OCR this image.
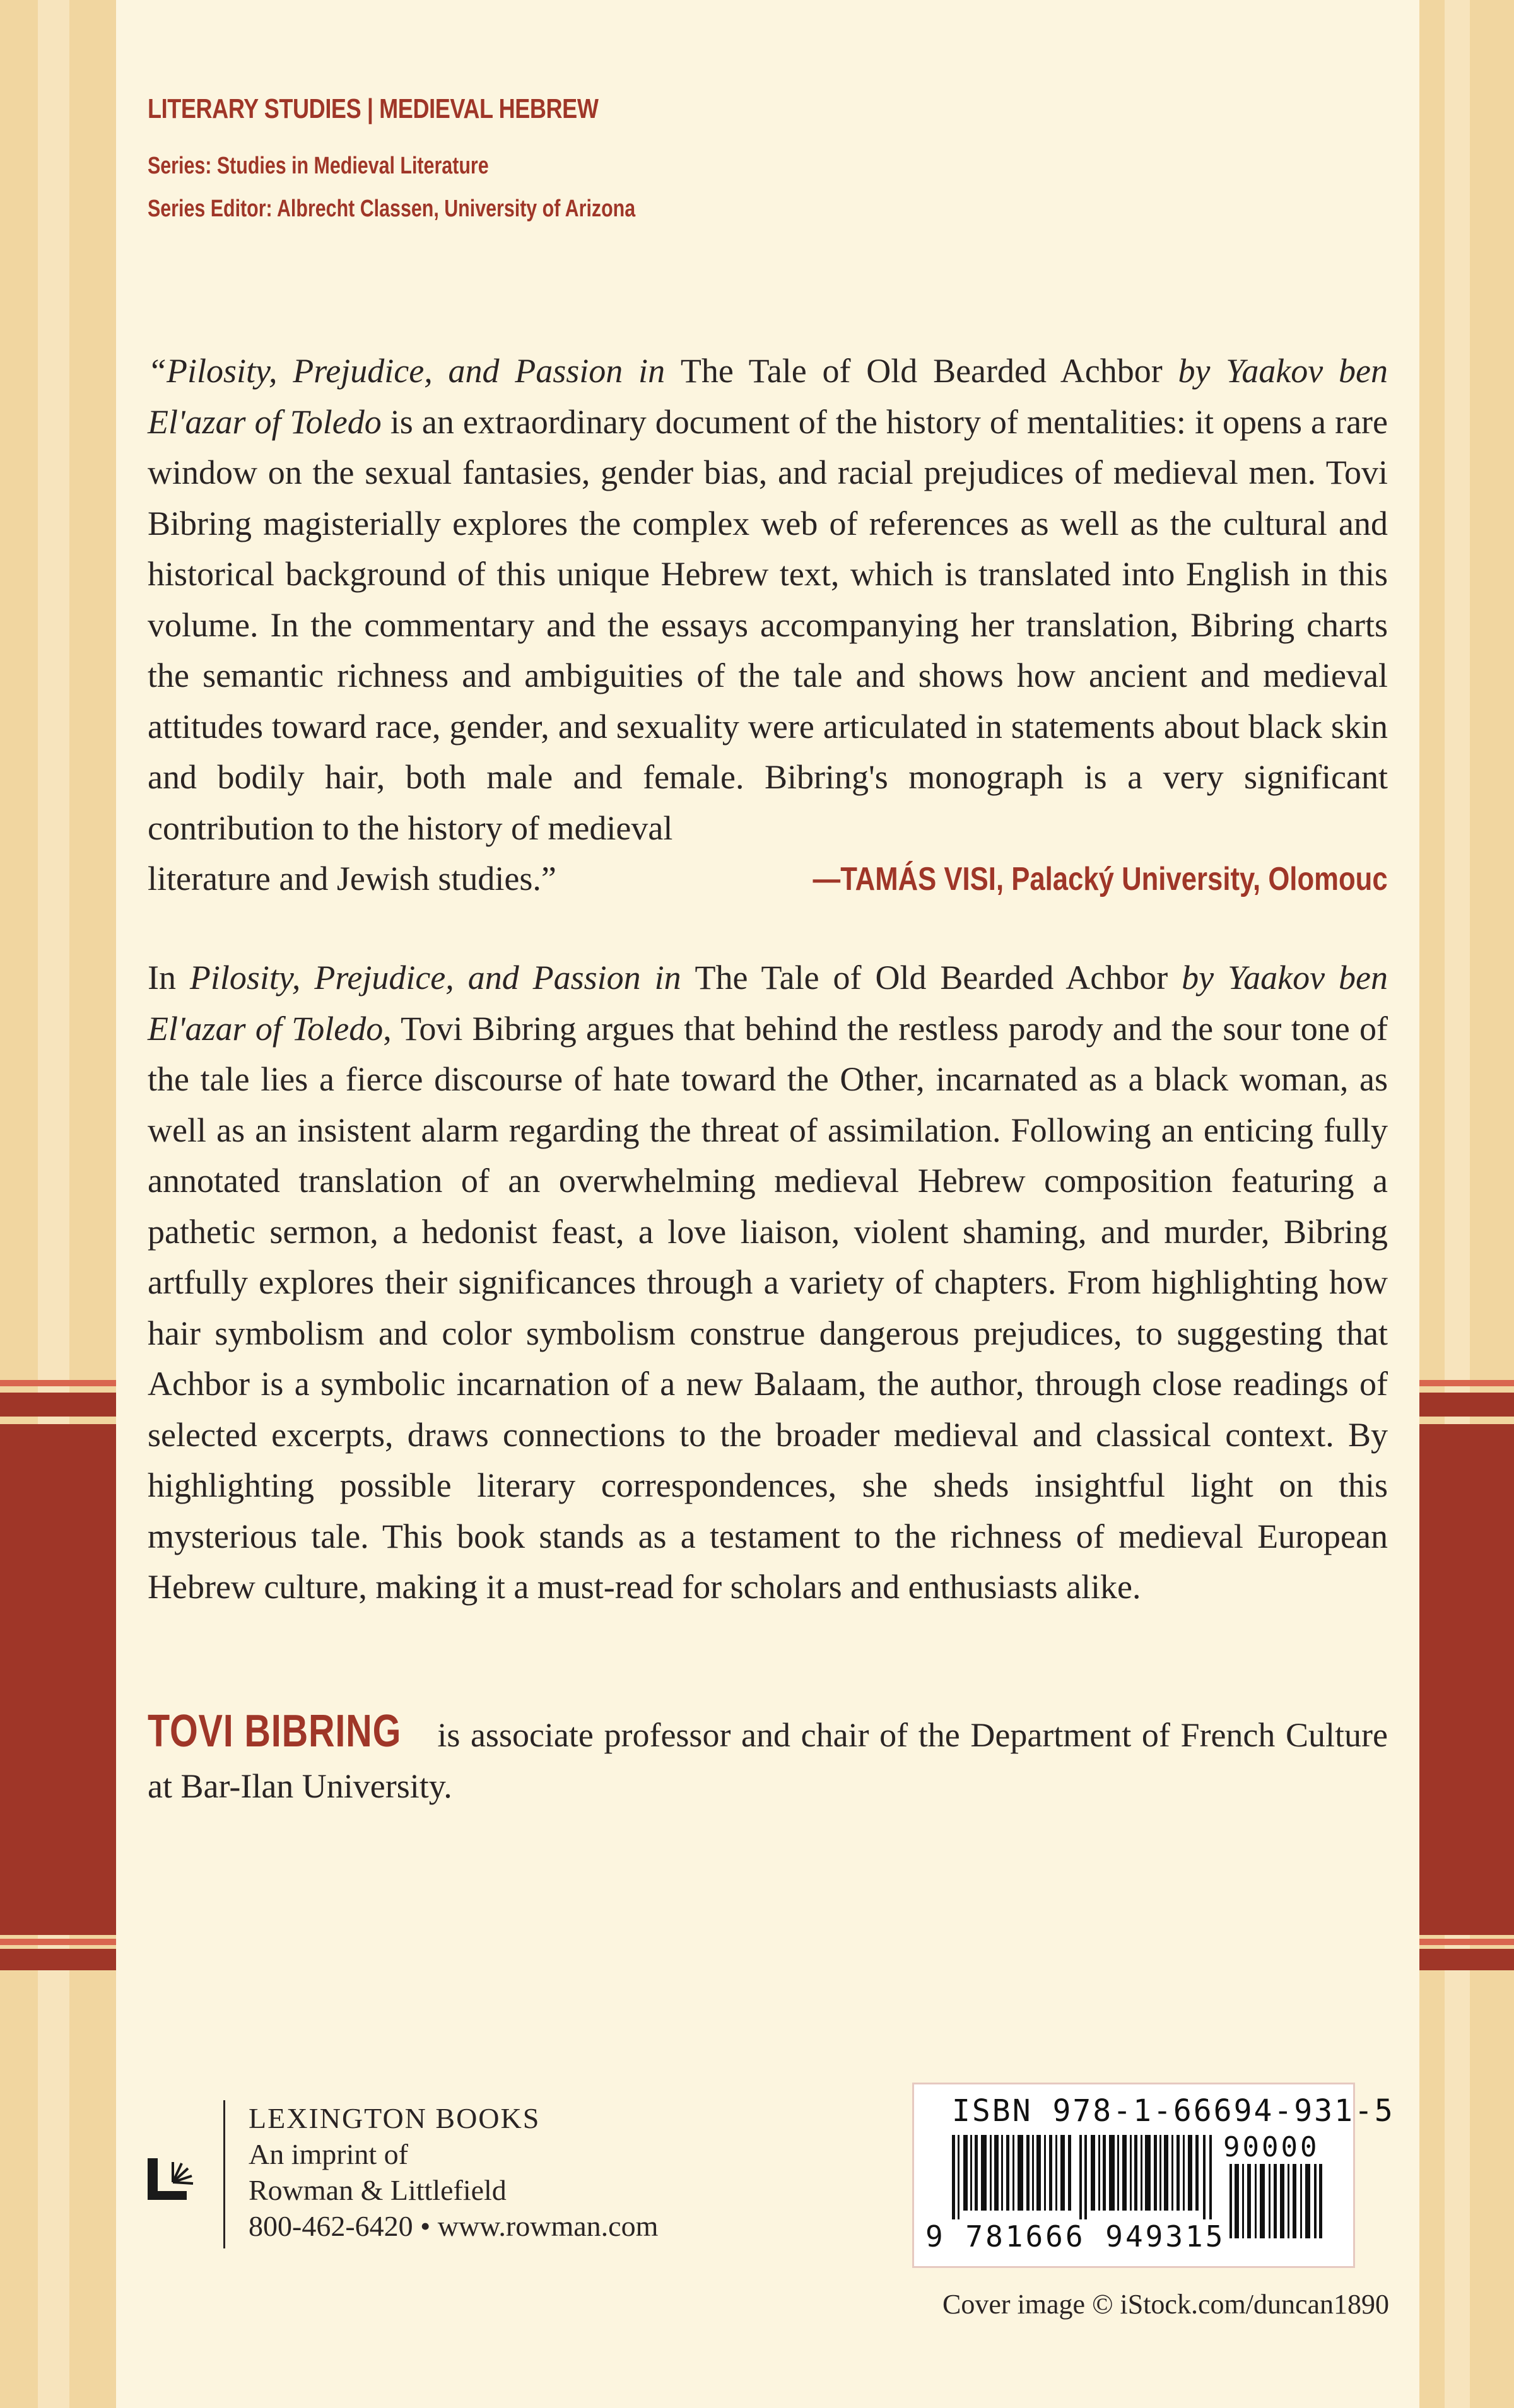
LITERARY STUDIES | MEDIEVAL HEBREW
Series: Studies in Medieval Literature
Series Editor: Albrecht Classen, University of Arizona
“Pilosity, Prejudice, and Passion in The Tale of Old Bearded Achbor by Yaakov ben El'azar of Toledo is an extraordinary document of the history of mentalities: it opens a rare window on the sexual fantasies, gender bias, and racial prejudices of medieval men. Tovi Bibring magisterially explores the complex web of references as well as the cultural and historical background of this unique Hebrew text, which is translated into English in this volume. In the commentary and the essays accompanying her translation, Bibring charts the semantic richness and ambiguities of the tale and shows how ancient and medieval attitudes toward race, gender, and sexuality were articulated in statements about black skin and bodily hair, both male and female. Bibring's monograph is a very significant contribution to the history of medieval
literature and Jewish studies.”	—TAMÁS VISI, Palacký University, Olomouc
In Pilosity, Prejudice, and Passion in The Tale of Old Bearded Achbor by Yaakov ben El'azar of Toledo, Tovi Bibring argues that behind the restless parody and the sour tone of the tale lies a fierce discourse of hate toward the Other, incarnated as a black woman, as well as an insistent alarm regarding the threat of assimilation. Following an enticing fully annotated translation of an overwhelming medieval Hebrew composition featuring a pathetic sermon, a hedonist feast, a love liaison, violent shaming, and murder, Bibring artfully explores their significances through a variety of chapters. From highlighting how hair symbolism and color symbolism construe dangerous prejudices, to suggesting that Achbor is a symbolic incarnation of a new Balaam, the author, through close readings of selected excerpts, draws connections to the broader medieval and classical context. By highlighting possible literary correspondences, she sheds insightful light on this mysterious tale. This book stands as a testament to the richness of medieval European Hebrew culture, making it a must-read for scholars and enthusiasts alike.
TOVI BIBRING is associate professor and chair of the Department of French Culture at Bar-Ilan University.
LEXINGTON BOOKS
An imprint of
Rowman & Littlefield
800-462-6420 • www.rowman.com
ISBN 978-1-66694-931-5
90000
9 781666 949315
Cover image © iStock.com/duncan1890
